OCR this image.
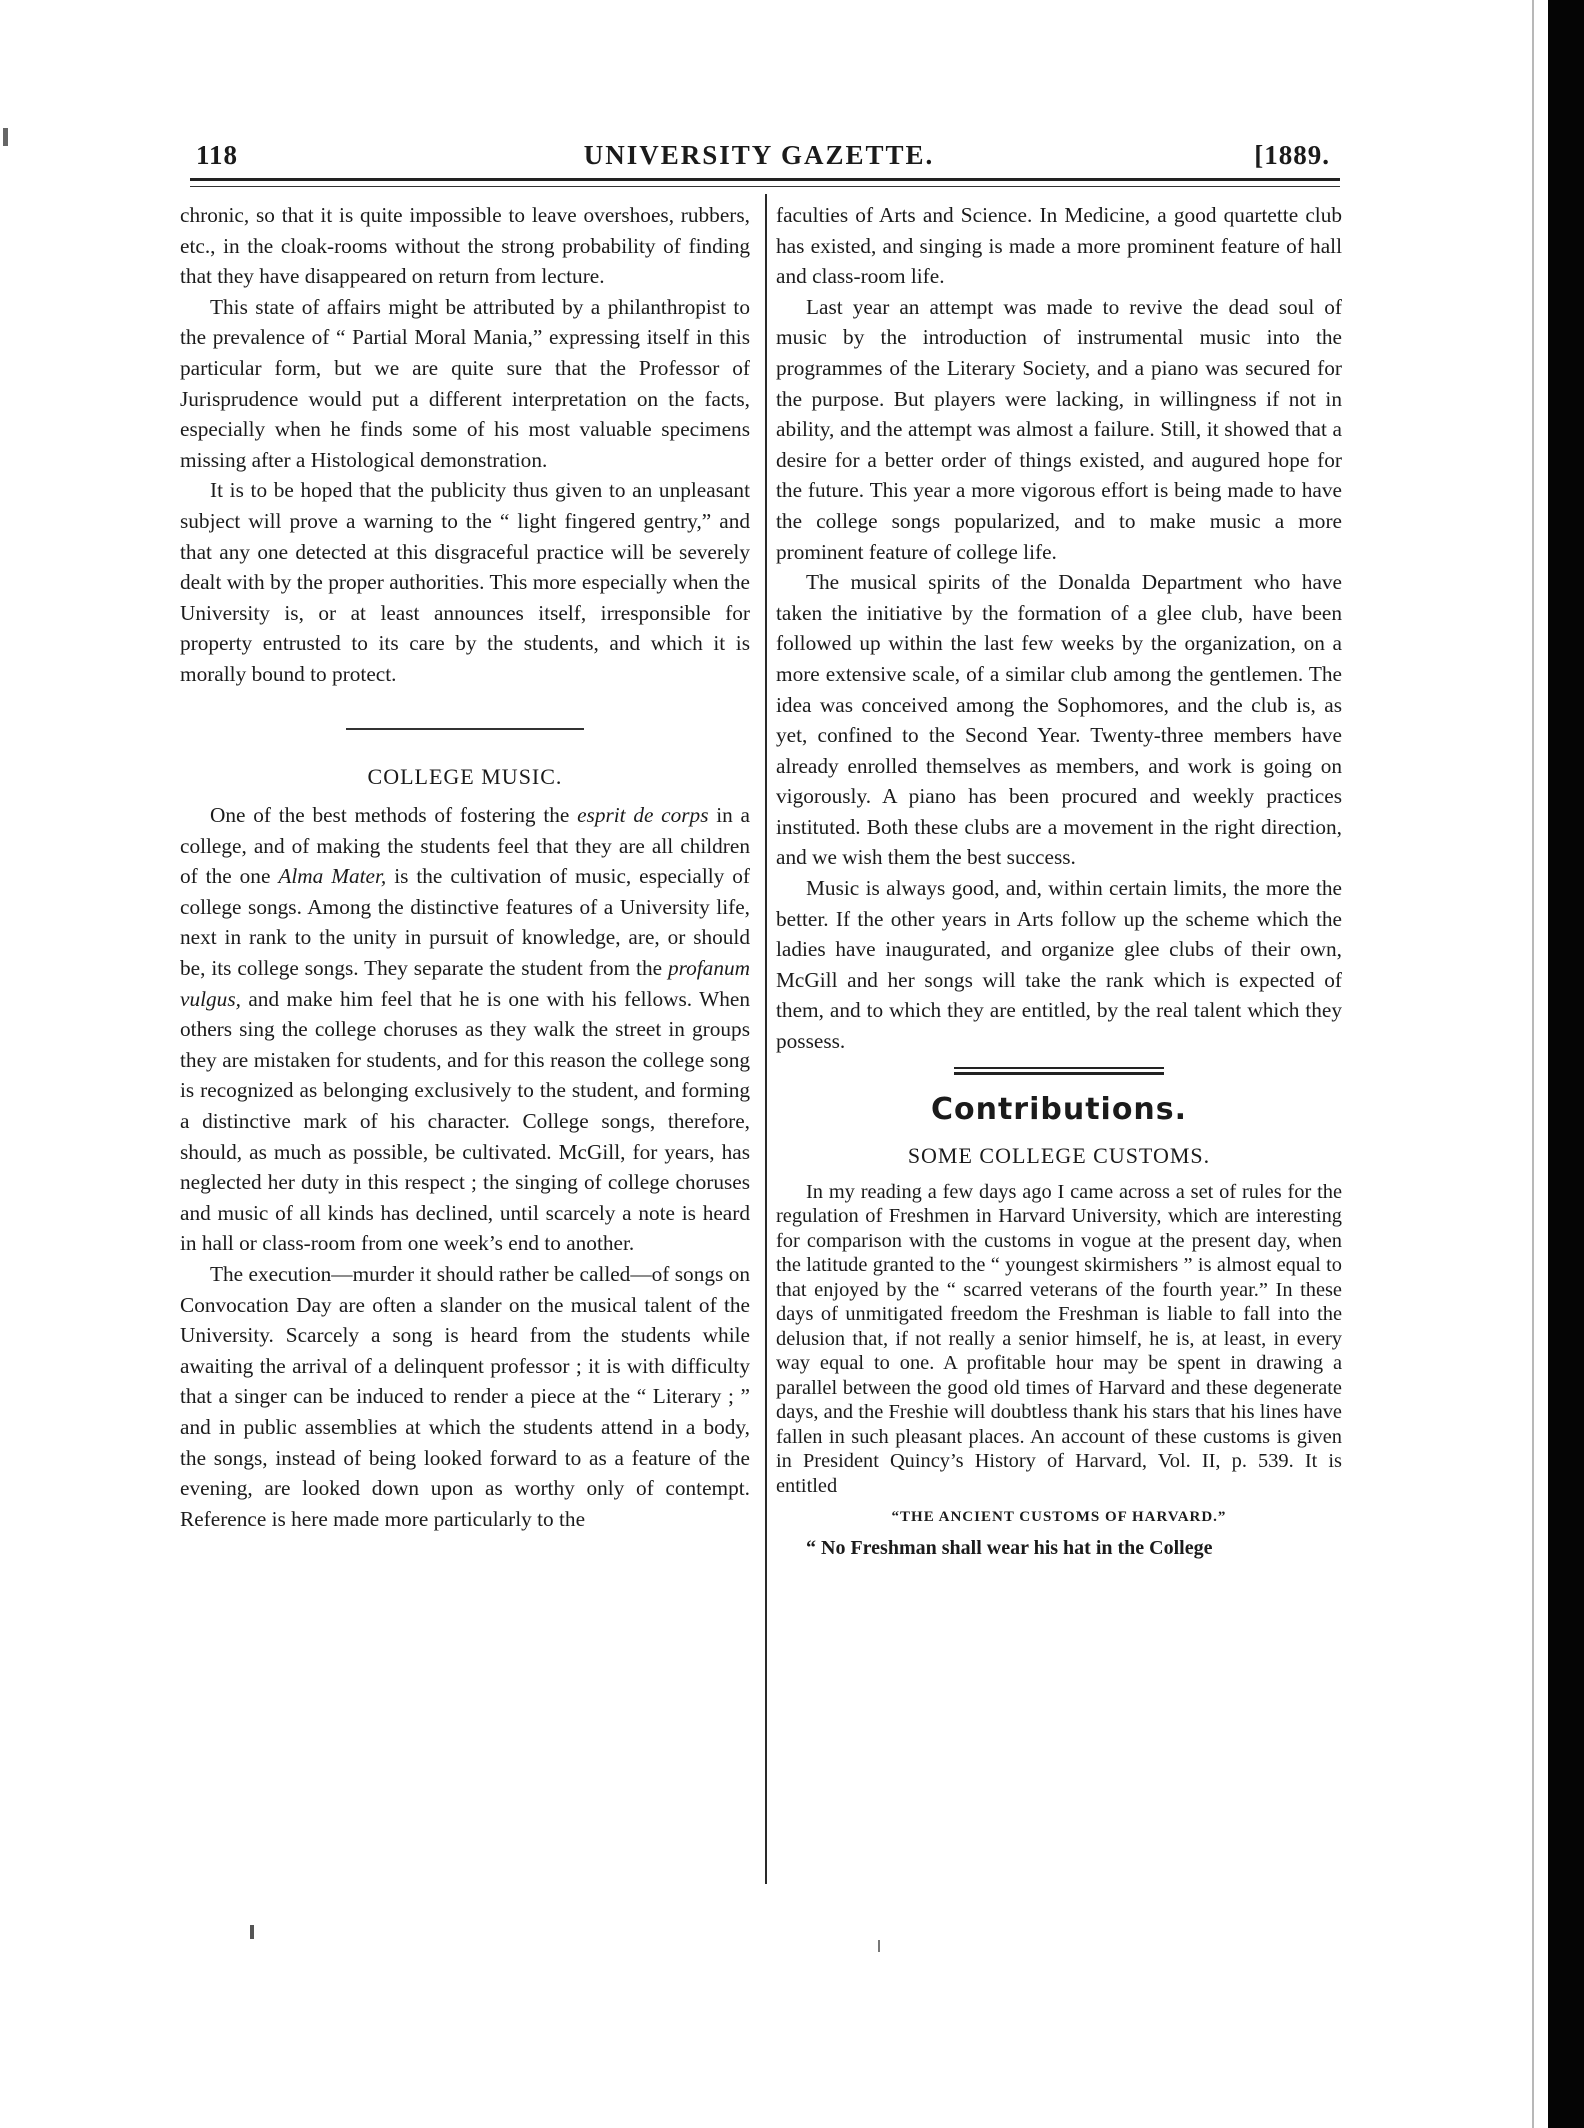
118	UNIVERSITY GAZETTE.	[1889.

chronic, so that it is quite impossible to leave overshoes, rubbers, etc., in the cloak-rooms without the strong probability of finding that they have disappeared on return from lecture.

This state of affairs might be attributed by a philanthropist to the prevalence of “ Partial Moral Mania,” expressing itself in this particular form, but we are quite sure that the Professor of Jurisprudence would put a different interpretation on the facts, especially when he finds some of his most valuable specimens missing after a Histological demonstration.

It is to be hoped that the publicity thus given to an unpleasant subject will prove a warning to the “ light fingered gentry,” and that any one detected at this disgraceful practice will be severely dealt with by the proper authorities. This more especially when the University is, or at least announces itself, irresponsible for property entrusted to its care by the students, and which it is morally bound to protect.

COLLEGE MUSIC.

One of the best methods of fostering the esprit de corps in a college, and of making the students feel that they are all children of the one Alma Mater, is the cultivation of music, especially of college songs. Among the distinctive features of a University life, next in rank to the unity in pursuit of knowledge, are, or should be, its college songs. They separate the student from the profanum vulgus, and make him feel that he is one with his fellows. When others sing the college choruses as they walk the street in groups they are mistaken for students, and for this reason the college song is recognized as belonging exclusively to the student, and forming a distinctive mark of his character. College songs, therefore, should, as much as possible, be cultivated. McGill, for years, has neglected her duty in this respect ; the singing of college choruses and music of all kinds has declined, until scarcely a note is heard in hall or class-room from one week’s end to another.

The execution—murder it should rather be called—of songs on Convocation Day are often a slander on the musical talent of the University. Scarcely a song is heard from the students while awaiting the arrival of a delinquent professor ; it is with difficulty that a singer can be induced to render a piece at the “ Literary ; ” and in public assemblies at which the students attend in a body, the songs, instead of being looked forward to as a feature of the evening, are looked down upon as worthy only of contempt. Reference is here made more particularly to the

faculties of Arts and Science. In Medicine, a good quartette club has existed, and singing is made a more prominent feature of hall and class-room life.

Last year an attempt was made to revive the dead soul of music by the introduction of instrumental music into the programmes of the Literary Society, and a piano was secured for the purpose. But players were lacking, in willingness if not in ability, and the attempt was almost a failure. Still, it showed that a desire for a better order of things existed, and augured hope for the future. This year a more vigorous effort is being made to have the college songs popularized, and to make music a more prominent feature of college life.

The musical spirits of the Donalda Department who have taken the initiative by the formation of a glee club, have been followed up within the last few weeks by the organization, on a more extensive scale, of a similar club among the gentlemen. The idea was conceived among the Sophomores, and the club is, as yet, confined to the Second Year. Twenty-three members have already enrolled themselves as members, and work is going on vigorously. A piano has been procured and weekly practices instituted. Both these clubs are a movement in the right direction, and we wish them the best success.

Music is always good, and, within certain limits, the more the better. If the other years in Arts follow up the scheme which the ladies have inaugurated, and organize glee clubs of their own, McGill and her songs will take the rank which is expected of them, and to which they are entitled, by the real talent which they possess.

Contributions.
SOME COLLEGE CUSTOMS.

In my reading a few days ago I came across a set of rules for the regulation of Freshmen in Harvard University, which are interesting for comparison with the customs in vogue at the present day, when the latitude granted to the “ youngest skirmishers ” is almost equal to that enjoyed by the “ scarred veterans of the fourth year.” In these days of unmitigated freedom the Freshman is liable to fall into the delusion that, if not really a senior himself, he is, at least, in every way equal to one. A profitable hour may be spent in drawing a parallel between the good old times of Harvard and these degenerate days, and the Freshie will doubtless thank his stars that his lines have fallen in such pleasant places. An account of these customs is given in President Quincy’s History of Harvard, Vol. II, p. 539. It is entitled

“THE ANCIENT CUSTOMS OF HARVARD.”

“ No Freshman shall wear his hat in the College
